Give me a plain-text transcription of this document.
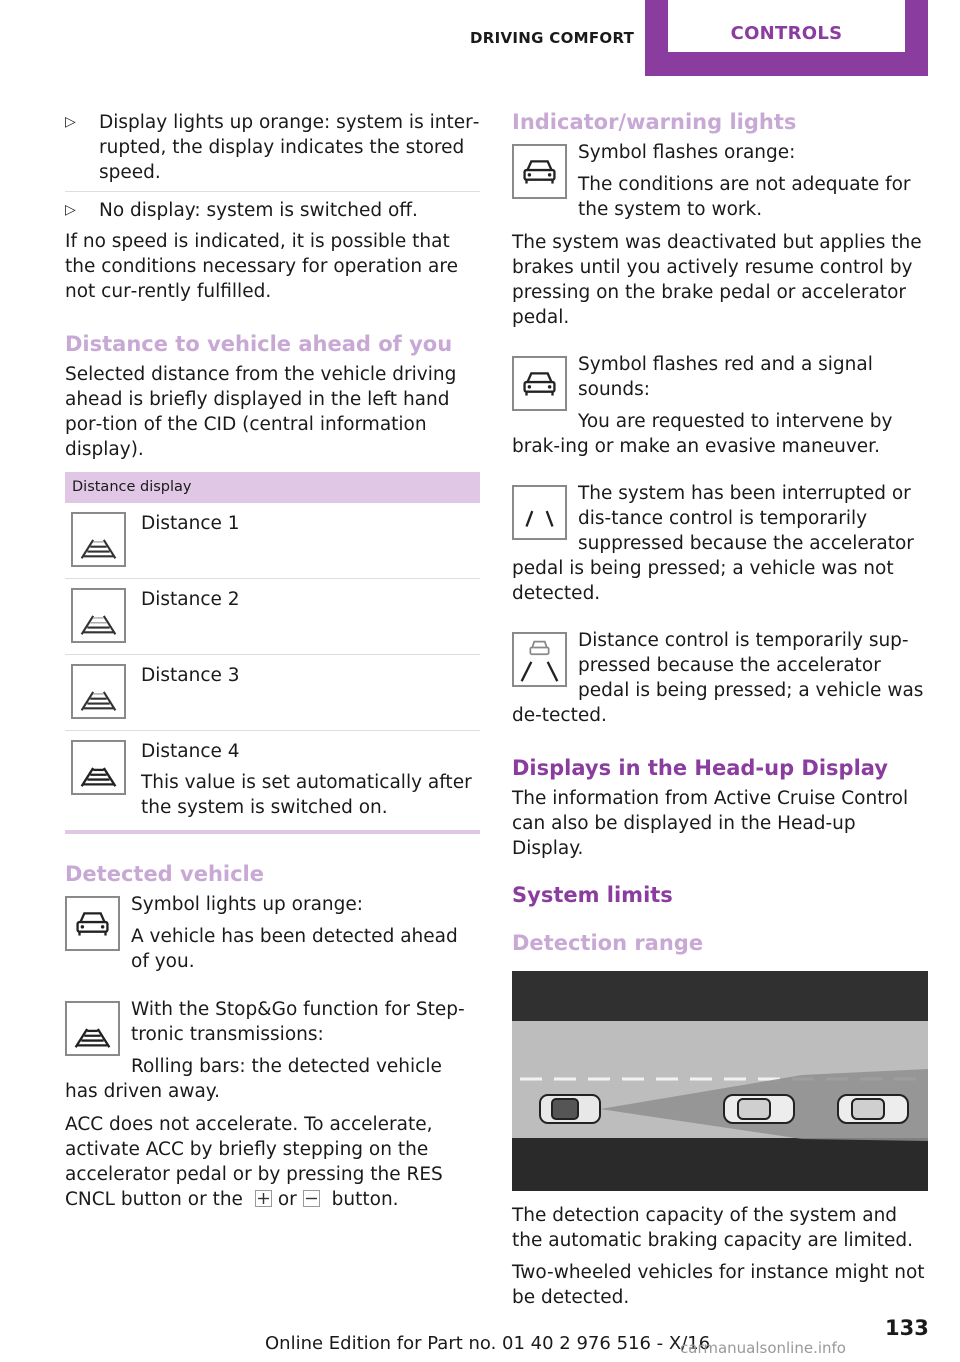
DRIVING COMFORT	CONTROLS
▷ Display lights up orange: system is inter‐rupted, the display indicates the stored speed.
▷ No display: system is switched off.

If no speed is indicated, it is possible that the conditions necessary for operation are not cur‐rently fulfilled.

Distance to vehicle ahead of you

Selected distance from the vehicle driving ahead is briefly displayed in the left hand por‐tion of the CID (central information display).

Distance display
Distance 1
Distance 2
Distance 3
Distance 4
This value is set automatically after the system is switched on.
Detected vehicle

Symbol lights up orange:

A vehicle has been detected ahead of you.

With the Stop&Go function for Step‐tronic transmissions:

Rolling bars: the detected vehicle has driven away.

ACC does not accelerate. To accelerate, activate ACC by briefly stepping on the accelerator pedal or by pressing the RES CNCL button or the or button.

Indicator/warning lights

Symbol flashes orange:

The conditions are not adequate for the system to work.

The system was deactivated but applies the brakes until you actively resume control by pressing on the brake pedal or accelerator pedal.

Symbol flashes red and a signal sounds:

You are requested to intervene by brak‐ing or make an evasive maneuver.

The system has been interrupted or dis‐tance control is temporarily suppressed because the accelerator pedal is being pressed; a vehicle was not detected.

Distance control is temporarily sup‐pressed because the accelerator pedal is being pressed; a vehicle was de‐tected.

Displays in the Head-up Display

The information from Active Cruise Control can also be displayed in the Head-up Display.

System limits
Detection range

The detection capacity of the system and the automatic braking capacity are limited.

Two-wheeled vehicles for instance might not be detected.

133
Online Edition for Part no. 01 40 2 976 516 - X/16
carmanualsonline.info
